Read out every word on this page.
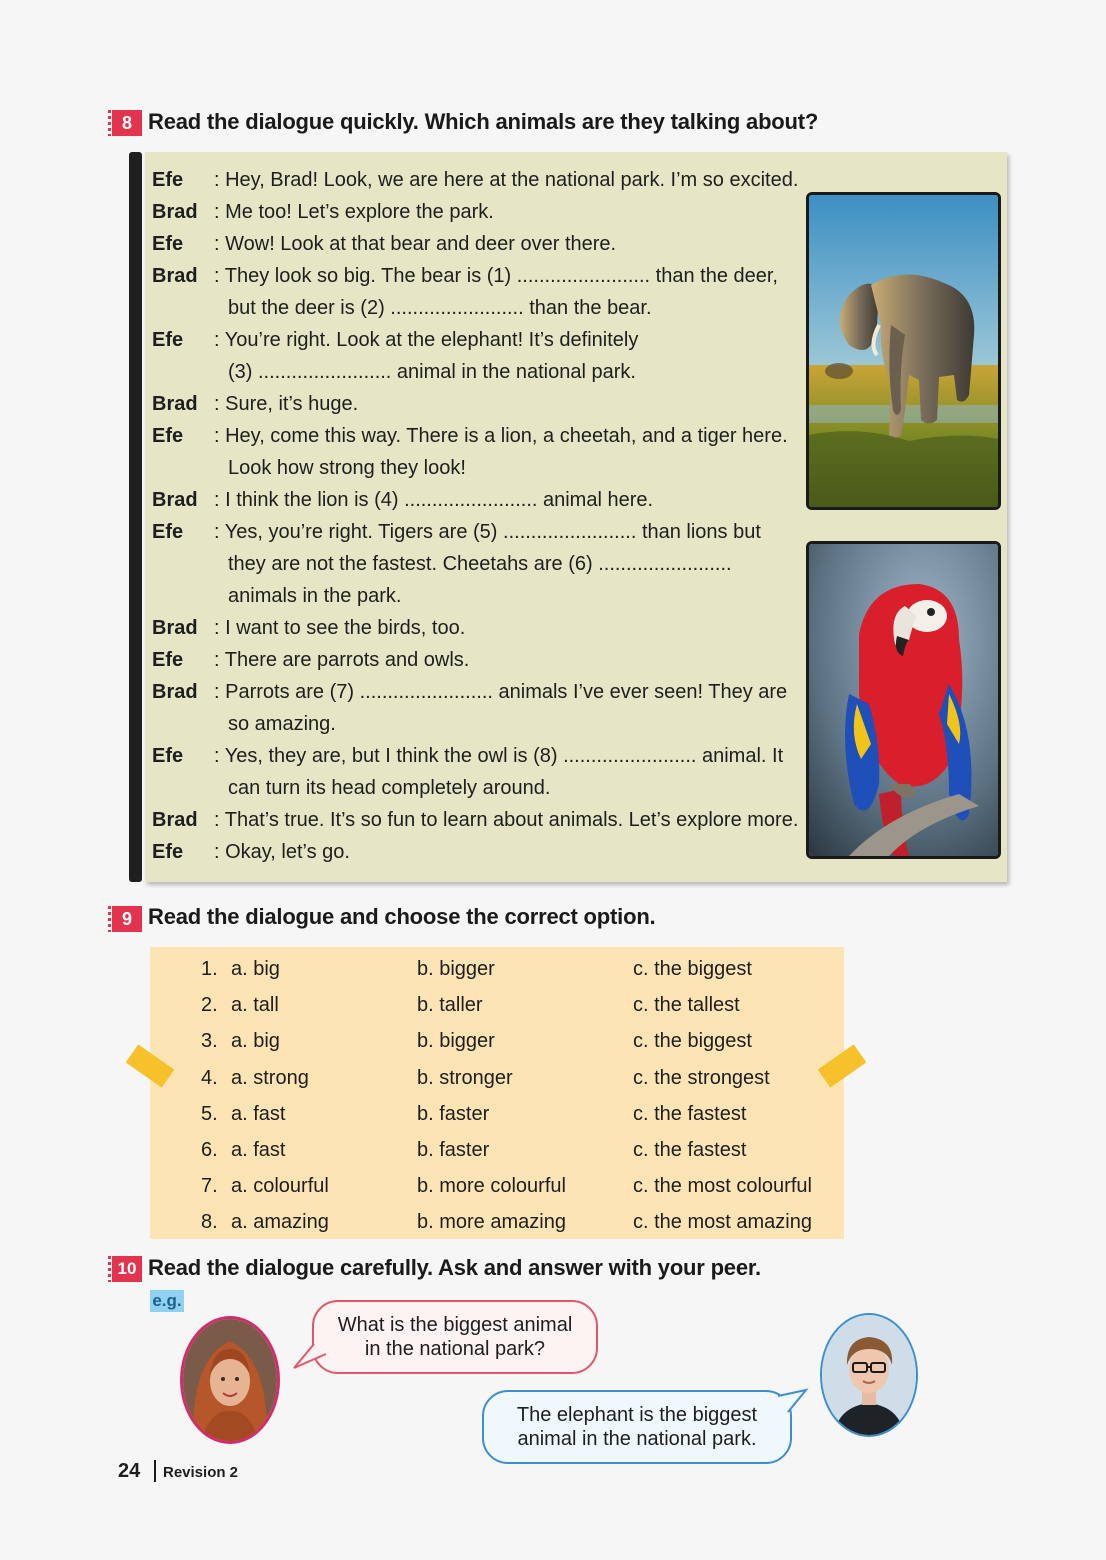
8 Read the dialogue quickly. Which animals are they talking about?
Efe : Hey, Brad! Look, we are here at the national park. I’m so excited.
Brad : Me too! Let’s explore the park.
Efe : Wow! Look at that bear and deer over there.
Brad : They look so big. The bear is (1) ........................ than the deer,
but the deer is (2) ........................ than the bear.
Efe : You’re right. Look at the elephant! It’s definitely
(3) ........................ animal in the national park.
Brad : Sure, it’s huge.
Efe : Hey, come this way. There is a lion, a cheetah, and a tiger here.
Look how strong they look!
Brad : I think the lion is (4) ........................ animal here.
Efe : Yes, you’re right. Tigers are (5) ........................ than lions but
they are not the fastest. Cheetahs are (6) ........................
animals in the park.
Brad : I want to see the birds, too.
Efe : There are parrots and owls.
Brad : Parrots are (7) ........................ animals I’ve ever seen! They are
so amazing.
Efe : Yes, they are, but I think the owl is (8) ........................ animal. It
can turn its head completely around.
Brad : That’s true. It’s so fun to learn about animals. Let’s explore more.
Efe : Okay, let’s go.
9 Read the dialogue and choose the correct option.
1. a. big	b. bigger	c. the biggest
2. a. tall	b. taller	c. the tallest
3. a. big	b. bigger	c. the biggest
4. a. strong	b. stronger	c. the strongest
5. a. fast	b. faster	c. the fastest
6. a. fast	b. faster	c. the fastest
7. a. colourful	b. more colourful	c. the most colourful
8. a. amazing	b. more amazing	c. the most amazing
10 Read the dialogue carefully. Ask and answer with your peer.
e.g.
What is the biggest animal
in the national park?
The elephant is the biggest
animal in the national park.
24 Revision 2
